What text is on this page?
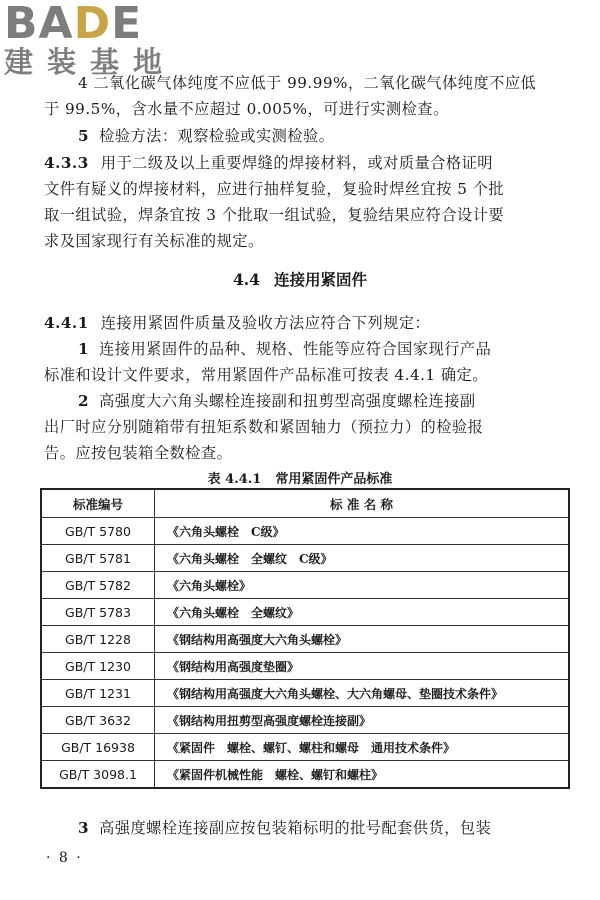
BADE
建装基地
4 二氧化碳气体纯度不应低于 99.99%，二氧化碳气体纯度不应低
于 99.5%，含水量不应超过 0.005%，可进行实测检查。
5 检验方法：观察检验或实测检验。
4.3.3 用于二级及以上重要焊缝的焊接材料，或对质量合格证明
文件有疑义的焊接材料，应进行抽样复验，复验时焊丝宜按 5 个批
取一组试验，焊条宜按 3 个批取一组试验，复验结果应符合设计要
求及国家现行有关标准的规定。
4.4 连接用紧固件
4.4.1 连接用紧固件质量及验收方法应符合下列规定：
1 连接用紧固件的品种、规格、性能等应符合国家现行产品
标准和设计文件要求，常用紧固件产品标准可按表 4.4.1 确定。
2 高强度大六角头螺栓连接副和扭剪型高强度螺栓连接副
出厂时应分别随箱带有扭矩系数和紧固轴力（预拉力）的检验报
告。应按包装箱全数检查。
表 4.4.1 常用紧固件产品标准
标准编号	标 准 名 称
GB/T 5780	《六角头螺栓　C级》
GB/T 5781	《六角头螺栓　全螺纹　C级》
GB/T 5782	《六角头螺栓》
GB/T 5783	《六角头螺栓　全螺纹》
GB/T 1228	《钢结构用高强度大六角头螺栓》
GB/T 1230	《钢结构用高强度垫圈》
GB/T 1231	《钢结构用高强度大六角头螺栓、大六角螺母、垫圈技术条件》
GB/T 3632	《钢结构用扭剪型高强度螺栓连接副》
GB/T 16938	《紧固件　螺栓、螺钉、螺柱和螺母　通用技术条件》
GB/T 3098.1	《紧固件机械性能　螺栓、螺钉和螺柱》
3 高强度螺栓连接副应按包装箱标明的批号配套供货，包装
· 8 ·
